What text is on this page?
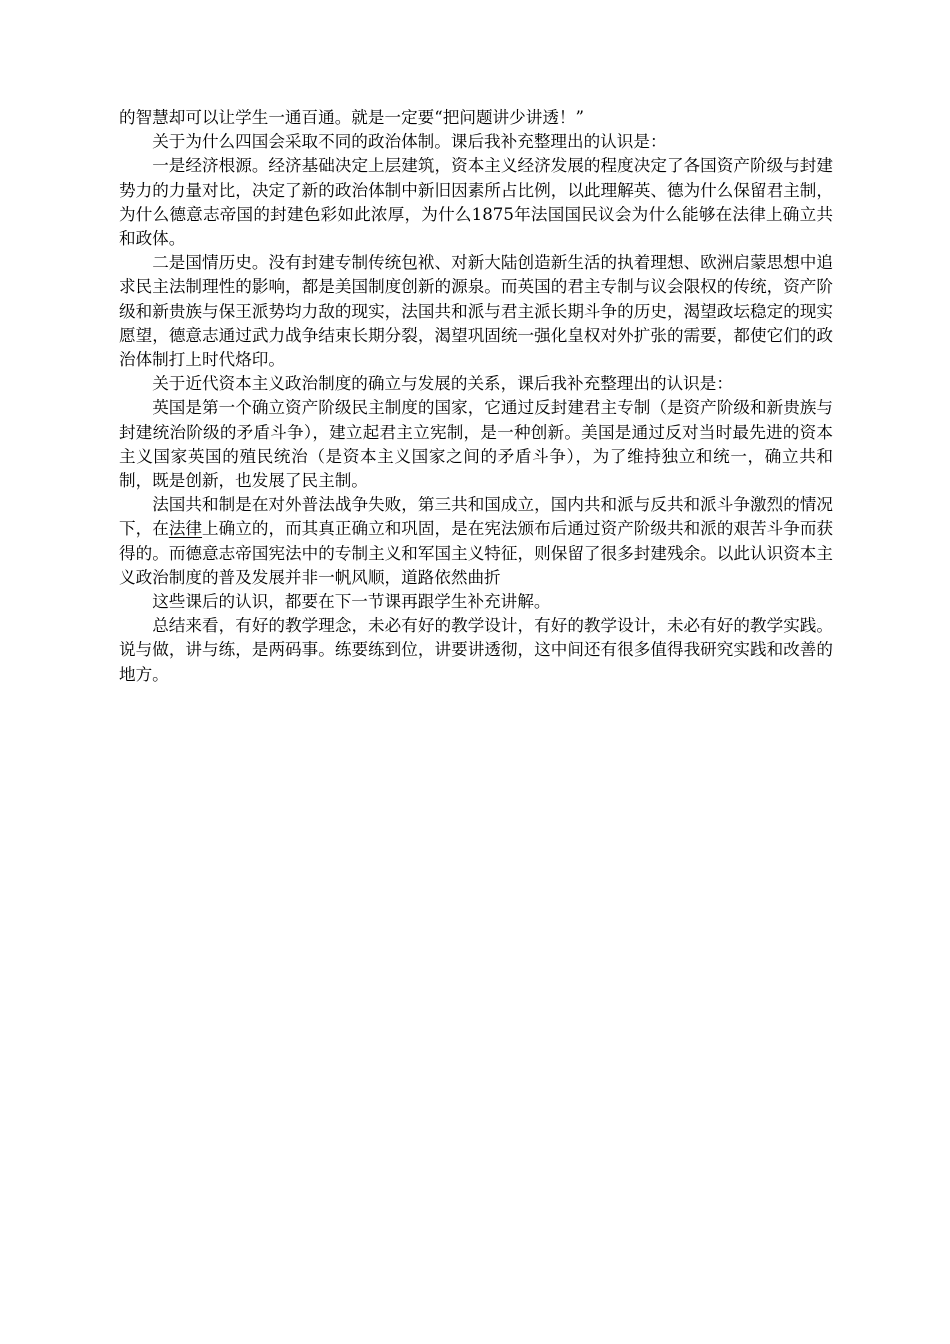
的智慧却可以让学生一通百通。就是一定要“把问题讲少讲透！”

关于为什么四国会采取不同的政治体制。课后我补充整理出的认识是：

一是经济根源。经济基础决定上层建筑，资本主义经济发展的程度决定了各国资产阶级与封建势力的力量对比，决定了新的政治体制中新旧因素所占比例，以此理解英、德为什么保留君主制，为什么德意志帝国的封建色彩如此浓厚，为什么1875年法国国民议会为什么能够在法律上确立共和政体。

二是国情历史。没有封建专制传统包袱、对新大陆创造新生活的执着理想、欧洲启蒙思想中追求民主法制理性的影响，都是美国制度创新的源泉。而英国的君主专制与议会限权的传统，资产阶级和新贵族与保王派势均力敌的现实，法国共和派与君主派长期斗争的历史，渴望政坛稳定的现实愿望，德意志通过武力战争结束长期分裂，渴望巩固统一强化皇权对外扩张的需要，都使它们的政治体制打上时代烙印。

关于近代资本主义政治制度的确立与发展的关系，课后我补充整理出的认识是：

英国是第一个确立资产阶级民主制度的国家，它通过反封建君主专制（是资产阶级和新贵族与封建统治阶级的矛盾斗争），建立起君主立宪制，是一种创新。美国是通过反对当时最先进的资本主义国家英国的殖民统治（是资本主义国家之间的矛盾斗争），为了维持独立和统一，确立共和制，既是创新，也发展了民主制。

法国共和制是在对外普法战争失败，第三共和国成立，国内共和派与反共和派斗争激烈的情况下，在法律上确立的，而其真正确立和巩固，是在宪法颁布后通过资产阶级共和派的艰苦斗争而获得的。而德意志帝国宪法中的专制主义和军国主义特征，则保留了很多封建残余。以此认识资本主义政治制度的普及发展并非一帆风顺，道路依然曲折

这些课后的认识，都要在下一节课再跟学生补充讲解。

总结来看，有好的教学理念，未必有好的教学设计，有好的教学设计，未必有好的教学实践。说与做，讲与练，是两码事。练要练到位，讲要讲透彻，这中间还有很多值得我研究实践和改善的地方。
